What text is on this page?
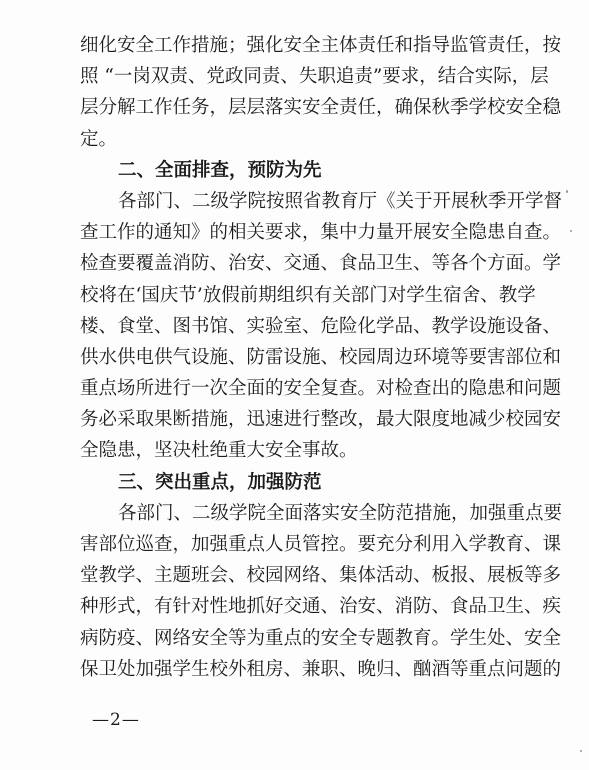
细化安全工作措施；强化安全主体责任和指导监管责任，按
照 “一岗双责、党政同责、失职追责”要求，结合实际，层
层分解工作任务，层层落实安全责任，确保秋季学校安全稳
定。
二、全面排查，预防为先
各部门、二级学院按照省教育厅《关于开展秋季开学督
查工作的通知》的相关要求，集中力量开展安全隐患自查。
检查要覆盖消防、治安、交通、食品卫生、等各个方面。学
校将在‘国庆节’放假前期组织有关部门对学生宿舍、教学
楼、食堂、图书馆、实验室、危险化学品、教学设施设备、
供水供电供气设施、防雷设施、校园周边环境等要害部位和
重点场所进行一次全面的安全复查。对检查出的隐患和问题
务必采取果断措施，迅速进行整改，最大限度地减少校园安
全隐患，坚决杜绝重大安全事故。
三、突出重点，加强防范
各部门、二级学院全面落实安全防范措施，加强重点要
害部位巡查，加强重点人员管控。要充分利用入学教育、课
堂教学、主题班会、校园网络、集体活动、板报、展板等多
种形式，有针对性地抓好交通、治安、消防、食品卫生、疾
病防疫、网络安全等为重点的安全专题教育。学生处、安全
保卫处加强学生校外租房、兼职、晚归、酗酒等重点问题的
—2—
